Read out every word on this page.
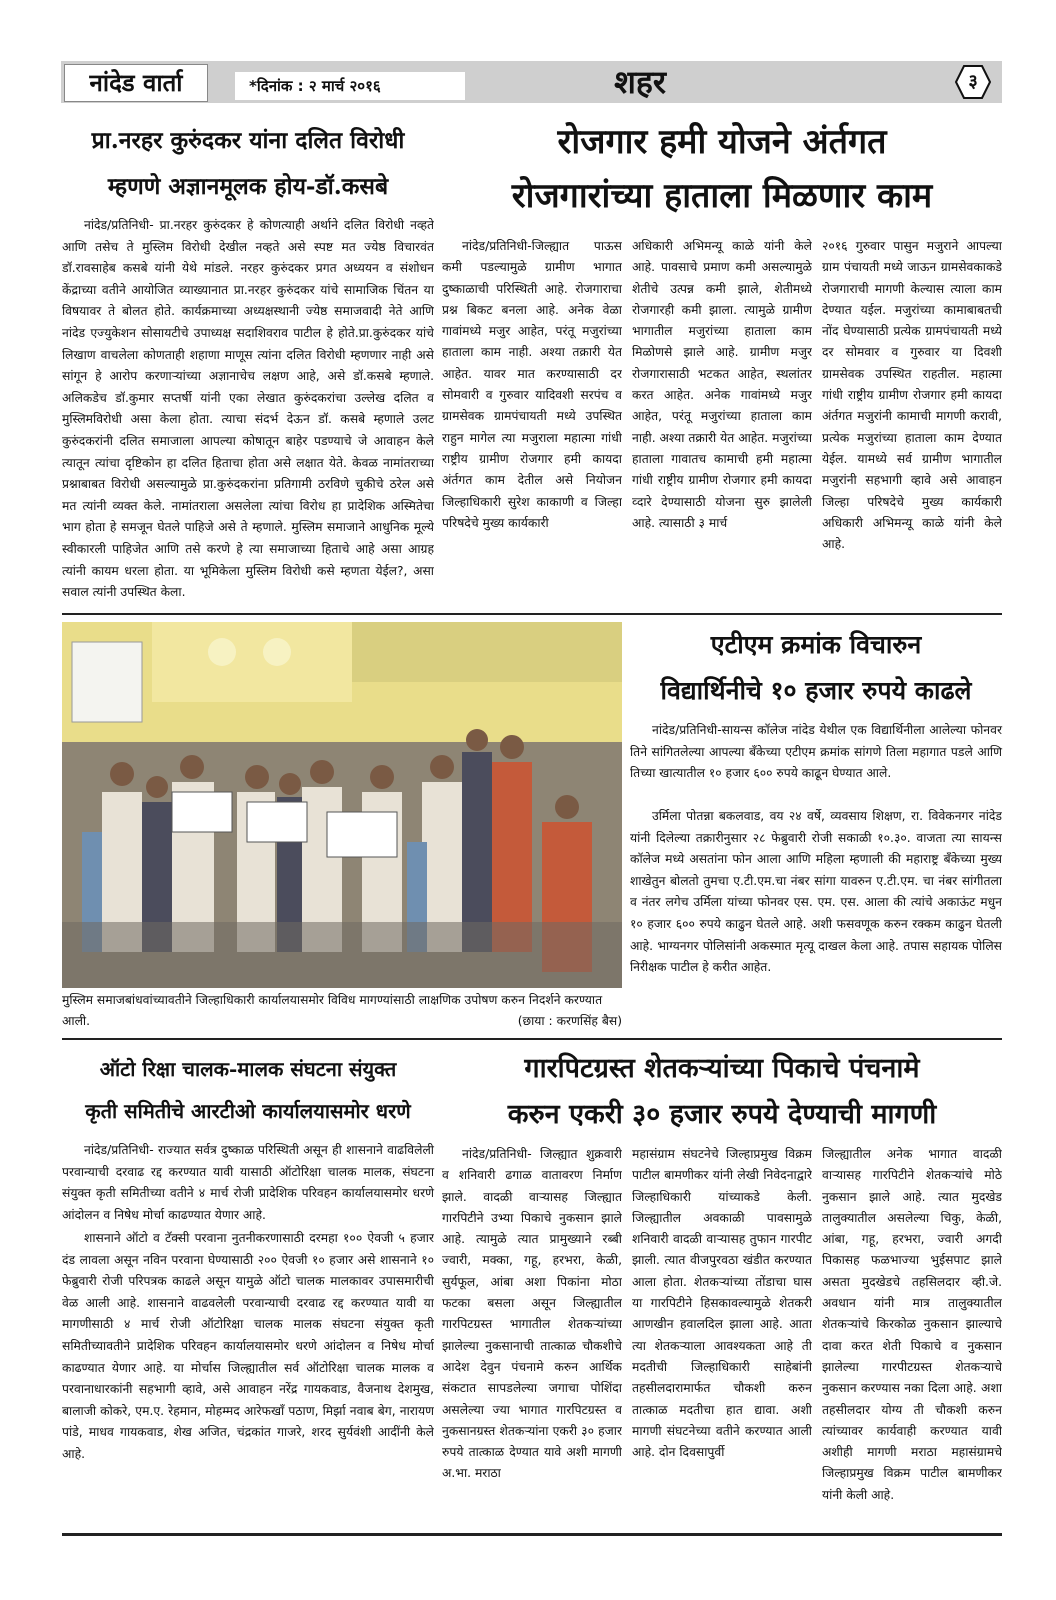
नांदेड वार्ता	*दिनांक : २ मार्च २०१६	शहर	३
प्रा.नरहर कुरुंदकर यांना दलित विरोधी
म्हणणे अज्ञानमूलक होय-डॉ.कसबे
नांदेड/प्रतिनिधी- प्रा.नरहर कुरुंदकर हे कोणत्याही अर्थाने दलित विरोधी नव्हते आणि तसेच ते मुस्लिम विरोधी देखील नव्हते असे स्पष्ट मत ज्येष्ठ विचारवंत डॉ.रावसाहेब कसबे यांनी येथे मांडले. नरहर कुरुंदकर प्रगत अध्ययन व संशोधन केंद्राच्या वतीने आयोजित व्याख्यानात प्रा.नरहर कुरुंदकर यांचे सामाजिक चिंतन या विषयावर ते बोलत होते. कार्यक्रमाच्या अध्यक्षस्थानी ज्येष्ठ समाजवादी नेते आणि नांदेड एज्युकेशन सोसायटीचे उपाध्यक्ष सदाशिवराव पाटील हे होते.प्रा.कुरुंदकर यांचे लिखाण वाचलेला कोणताही शहाणा माणूस त्यांना दलित विरोधी म्हणणार नाही असे सांगून हे आरोप करणाऱ्यांच्या अज्ञानाचेच लक्षण आहे, असे डॉ.कसबे म्हणाले. अलिकडेच डॉ.कुमार सप्तर्षी यांनी एका लेखात कुरुंदकरांचा उल्लेख दलित व मुस्लिमविरोधी असा केला होता. त्याचा संदर्भ देऊन डॉ. कसबे म्हणाले उलट कुरुंदकरांनी दलित समाजाला आपल्या कोषातून बाहेर पडण्याचे जे आवाहन केले त्यातून त्यांचा दृष्टिकोन हा दलित हिताचा होता असे लक्षात येते. केवळ नामांतराच्या प्रश्नाबाबत विरोधी असल्यामुळे प्रा.कुरुंदकरांना प्रतिगामी ठरविणे चुकीचे ठरेल असे मत त्यांनी व्यक्त केले. नामांतराला असलेला त्यांचा विरोध हा प्रादेशिक अस्मितेचा भाग होता हे समजून घेतले पाहिजे असे ते म्हणाले. मुस्लिम समाजाने आधुनिक मूल्ये स्वीकारली पाहिजेत आणि तसे करणे हे त्या समाजाच्या हिताचे आहे असा आग्रह त्यांनी कायम धरला होता. या भूमिकेला मुस्लिम विरोधी कसे म्हणता येईल?, असा सवाल त्यांनी उपस्थित केला.
रोजगार हमी योजने अंर्तगत
रोजगारांच्या हाताला मिळणार काम
नांदेड/प्रतिनिधी-जिल्ह्यात पाऊस कमी पडल्यामुळे ग्रामीण भागात दुष्काळाची परिस्थिती आहे. रोजगाराचा प्रश्न बिकट बनला आहे. अनेक वेळा गावांमध्ये मजुर आहेत, परंतू मजुरांच्या हाताला काम नाही. अश्या तक्रारी येत आहेत. यावर मात करण्यासाठी दर सोमवारी व गुरुवार यादिवशी सरपंच व ग्रामसेवक ग्रामपंचायती मध्ये उपस्थित राहुन मागेल त्या मजुराला महात्मा गांधी राष्ट्रीय ग्रामीण रोजगार हमी कायदा अंर्तगत काम देतील असे नियोजन जिल्हाधिकारी सुरेश काकाणी व जिल्हा परिषदेचे मुख्य कार्यकारी
अधिकारी अभिमन्यू काळे यांनी केले आहे. पावसाचे प्रमाण कमी असल्यामुळे शेतीचे उत्पन्न कमी झाले, शेतीमध्ये रोजगारही कमी झाला. त्यामुळे ग्रामीण भागातील मजुरांच्या हाताला काम मिळोणसे झाले आहे. ग्रामीण मजुर रोजगारासाठी भटकत आहेत, स्थलांतर करत आहेत. अनेक गावांमध्ये मजुर आहेत, परंतू मजुरांच्या हाताला काम नाही. अश्या तक्रारी येत आहेत. मजुरांच्या हाताला गावातच कामाची हमी महात्मा गांधी राष्ट्रीय ग्रामीण रोजगार हमी कायदा व्दारे देण्यासाठी योजना सुरु झालेली आहे. त्यासाठी ३ मार्च
२०१६ गुरुवार पासुन मजुराने आपल्या ग्राम पंचायती मध्ये जाऊन ग्रामसेवकाकडे रोजगाराची मागणी केल्यास त्याला काम देण्यात यईल. मजुरांच्या कामाबाबतची नोंद घेण्यासाठी प्रत्येक ग्रामपंचायती मध्ये दर सोमवार व गुरुवार या दिवशी ग्रामसेवक उपस्थित राहतील. महात्मा गांधी राष्ट्रीय ग्रामीण रोजगार हमी कायदा अंर्तगत मजुरांनी कामाची मागणी करावी, प्रत्येक मजुरांच्या हाताला काम देण्यात येईल. यामध्ये सर्व ग्रामीण भागातील मजुरांनी सहभागी व्हावे असे आवाहन जिल्हा परिषदेचे मुख्य कार्यकारी अधिकारी अभिमन्यू काळे यांनी केले आहे.
मुस्लिम समाजबांधवांच्यावतीने जिल्हाधिकारी कार्यालयासमोर विविध मागण्यांसाठी लाक्षणिक उपोषण करुन निदर्शने करण्यात आली.	(छाया : करणसिंह बैस)
एटीएम क्रमांक विचारुन
विद्यार्थिनीचे १० हजार रुपये काढले
नांदेड/प्रतिनिधी-सायन्स कॉलेज नांदेड येथील एक विद्यार्थिनीला आलेल्या फोनवर तिने सांगितलेल्या आपल्या बँकेच्या एटीएम क्रमांक सांगणे तिला महागात पडले आणि तिच्या खात्यातील १० हजार ६०० रुपये काढून घेण्यात आले.
उर्मिला पोतन्ना बकलवाड, वय २४ वर्षे, व्यवसाय शिक्षण, रा. विवेकनगर नांदेड यांनी दिलेल्या तक्रारीनुसार २८ फेब्रुवारी रोजी सकाळी १०.३०. वाजता त्या सायन्स कॉलेज मध्ये असतांना फोन आला आणि महिला म्हणाली की महाराष्ट्र बँकेच्या मुख्य शाखेतुन बोलतो तुमचा ए.टी.एम.चा नंबर सांगा यावरुन ए.टी.एम. चा नंबर सांगीतला व नंतर लगेच उर्मिला यांच्या फोनवर एस. एम. एस. आला की त्यांचे अकाऊंट मधुन १० हजार ६०० रुपये काढुन घेतले आहे. अशी फसवणूक करुन रक्कम काढुन घेतली आहे. भाग्यनगर पोलिसांनी अकस्मात मृत्यू दाखल केला आहे. तपास सहायक पोलिस निरीक्षक पाटील हे करीत आहेत.
ऑटो रिक्षा चालक-मालक संघटना संयुक्त
कृती समितीचे आरटीओ कार्यालयासमोर धरणे
नांदेड/प्रतिनिधी- राज्यात सर्वत्र दुष्काळ परिस्थिती असून ही शासनाने वाढविलेली परवान्याची दरवाढ रद्द करण्यात यावी यासाठी ऑटोरिक्षा चालक मालक, संघटना संयुक्त कृती समितीच्या वतीने ४ मार्च रोजी प्रादेशिक परिवहन कार्यालयासमोर धरणे आंदोलन व निषेध मोर्चा काढण्यात येणार आहे.
शासनाने ऑटो व टॅक्सी परवाना नुतनीकरणासाठी दरमहा १०० ऐवजी ५ हजार दंड लावला असून नविन परवाना घेण्यासाठी २०० ऐवजी १० हजार असे शासनाने १० फेब्रुवारी रोजी परिपत्रक काढले असून यामुळे ऑटो चालक मालकावर उपासमारीची वेळ आली आहे. शासनाने वाढवलेली परवान्याची दरवाढ रद्द करण्यात यावी या मागणीसाठी ४ मार्च रोजी ऑटोरिक्षा चालक मालक संघटना संयुक्त कृती समितीच्यावतीने प्रादेशिक परिवहन कार्यालयासमोर धरणे आंदोलन व निषेध मोर्चा काढण्यात येणार आहे. या मोर्चास जिल्ह्यातील सर्व ऑटोरिक्षा चालक मालक व परवानाधारकांनी सहभागी व्हावे, असे आवाहन नरेंद्र गायकवाड, वैजनाथ देशमुख, बालाजी कोकरे, एम.ए. रेहमान, मोहम्मद आरेफखाँ पठाण, मिर्झा नवाब बेग, नारायण पांडे, माधव गायकवाड, शेख अजित, चंद्रकांत गाजरे, शरद सुर्यवंशी आदींनी केले आहे.
गारपिटग्रस्त शेतकऱ्यांच्या पिकाचे पंचनामे
करुन एकरी ३० हजार रुपये देण्याची मागणी
नांदेड/प्रतिनिधी- जिल्ह्यात शुक्रवारी व शनिवारी ढगाळ वातावरण निर्माण झाले. वादळी वाऱ्यासह जिल्ह्यात गारपिटीने उभ्या पिकाचे नुकसान झाले आहे. त्यामुळे त्यात प्रामुख्याने रब्बी ज्वारी, मक्का, गहू, हरभरा, केळी, सुर्यफूल, आंबा अशा पिकांना मोठा फटका बसला असून जिल्ह्यातील गारपिटग्रस्त भागातील शेतकऱ्यांच्या झालेल्या नुकसानाची तात्काळ चौकशीचे आदेश देवुन पंचनामे करुन आर्थिक संकटात सापडलेल्या जगाचा पोशिंदा असलेल्या ज्या भागात गारपिटग्रस्त व नुकसानग्रस्त शेतकऱ्यांना एकरी ३० हजार रुपये तात्काळ देण्यात यावे अशी मागणी अ.भा. मराठा
महासंग्राम संघटनेचे जिल्हाप्रमुख विक्रम पाटील बामणीकर यांनी लेखी निवेदनाद्वारे जिल्हाधिकारी यांच्याकडे केली. जिल्ह्यातील अवकाळी पावसामुळे शनिवारी वादळी वाऱ्यासह तुफान गारपीट झाली. त्यात वीजपुरवठा खंडीत करण्यात आला होता. शेतकऱ्यांच्या तोंडाचा घास या गारपिटीने हिसकावल्यामुळे शेतकरी आणखीन हवालदिल झाला आहे. आता त्या शेतकऱ्याला आवश्यकता आहे ती मदतीची जिल्हाधिकारी साहेबांनी तहसीलदारामार्फत चौकशी करुन तात्काळ मदतीचा हात द्यावा. अशी मागणी संघटनेच्या वतीने करण्यात आली आहे. दोन दिवसापुर्वी
जिल्ह्यातील अनेक भागात वादळी वाऱ्यासह गारपिटीने शेतकऱ्यांचे मोठे नुकसान झाले आहे. त्यात मुदखेड तालुक्यातील असलेल्या चिकु, केळी, आंबा, गहू, हरभरा, ज्वारी अगदी पिकासह फळभाज्या भुईसपाट झाले असता मुदखेडचे तहसिलदार व्ही.जे. अवधान यांनी मात्र तालुक्यातील शेतकऱ्यांचे किरकोळ नुकसान झाल्याचे दावा करत शेती पिकाचे व नुकसान झालेल्या गारपीटग्रस्त शेतकऱ्याचे नुकसान करण्यास नका दिला आहे. अशा तहसीलदार योग्य ती चौकशी करुन त्यांच्यावर कार्यवाही करण्यात यावी अशीही मागणी मराठा महासंग्रामचे जिल्हाप्रमुख विक्रम पाटील बामणीकर यांनी केली आहे.
